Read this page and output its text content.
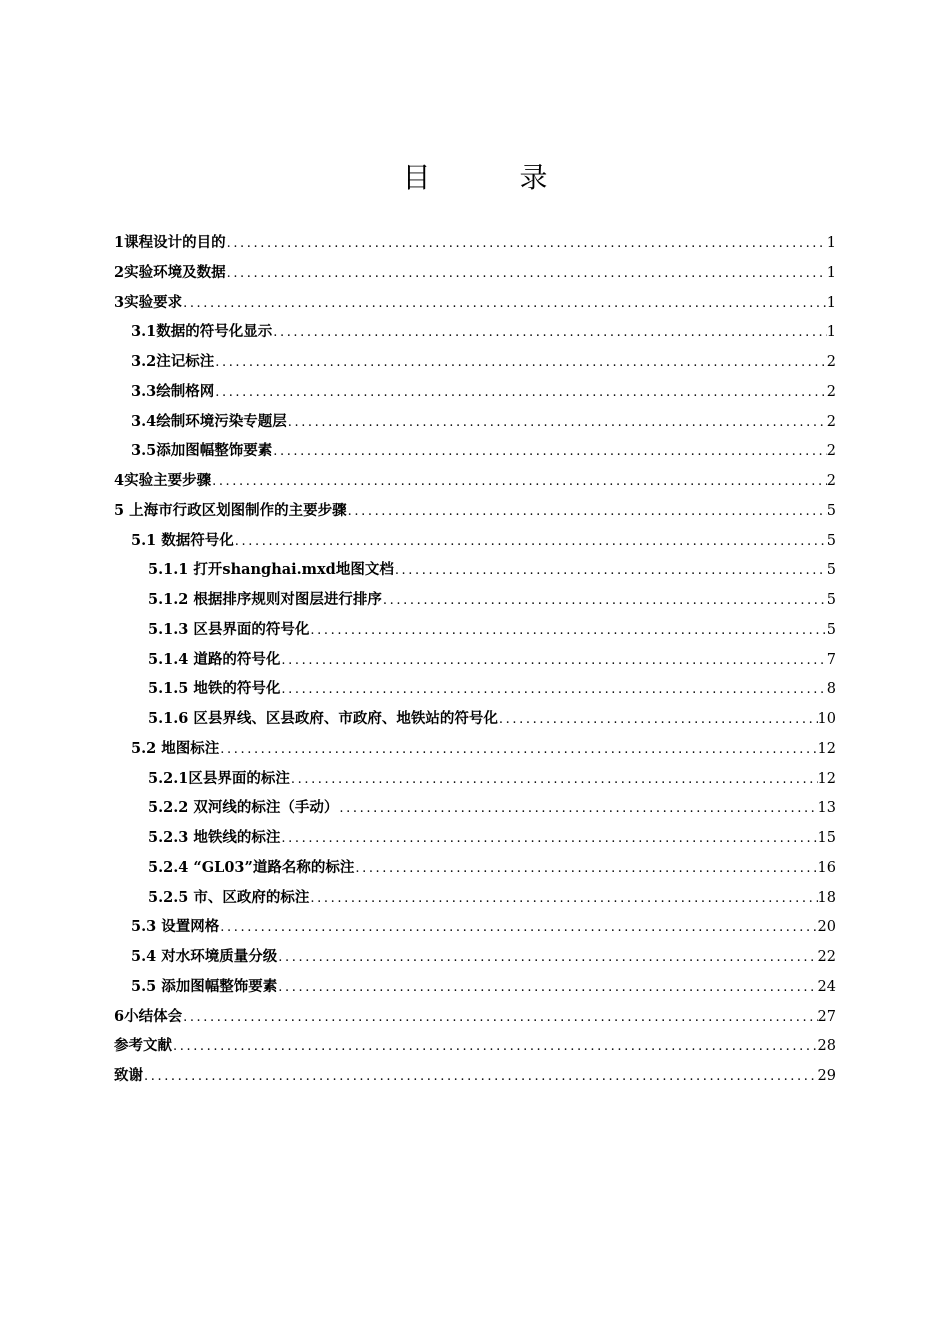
目 录
1课程设计的目的 .....	1
2实验环境及数据 .....	1
3实验要求 .....	1
3.1数据的符号化显示 .....	1
3.2注记标注 .....	2
3.3绘制格网 .....	2
3.4绘制环境污染专题层 .....	2
3.5添加图幅整饰要素 .....	2
4实验主要步骤 .....	2
5 上海市行政区划图制作的主要步骤 .....	5
5.1 数据符号化 .....	5
5.1.1 打开shanghai.mxd地图文档 .....	5
5.1.2 根据排序规则对图层进行排序 .....	5
5.1.3 区县界面的符号化 .....	5
5.1.4 道路的符号化 .....	7
5.1.5 地铁的符号化 .....	8
5.1.6 区县界线、区县政府、市政府、地铁站的符号化 .....	10
5.2 地图标注 .....	12
5.2.1区县界面的标注 .....	12
5.2.2 双河线的标注（手动） .....	13
5.2.3 地铁线的标注 .....	15
5.2.4 “GL03”道路名称的标注 .....	16
5.2.5 市、区政府的标注 .....	18
5.3 设置网格 .....	20
5.4 对水环境质量分级 .....	22
5.5 添加图幅整饰要素 .....	24
6小结体会 .....	27
参考文献 .....	28
致谢 .....	29
